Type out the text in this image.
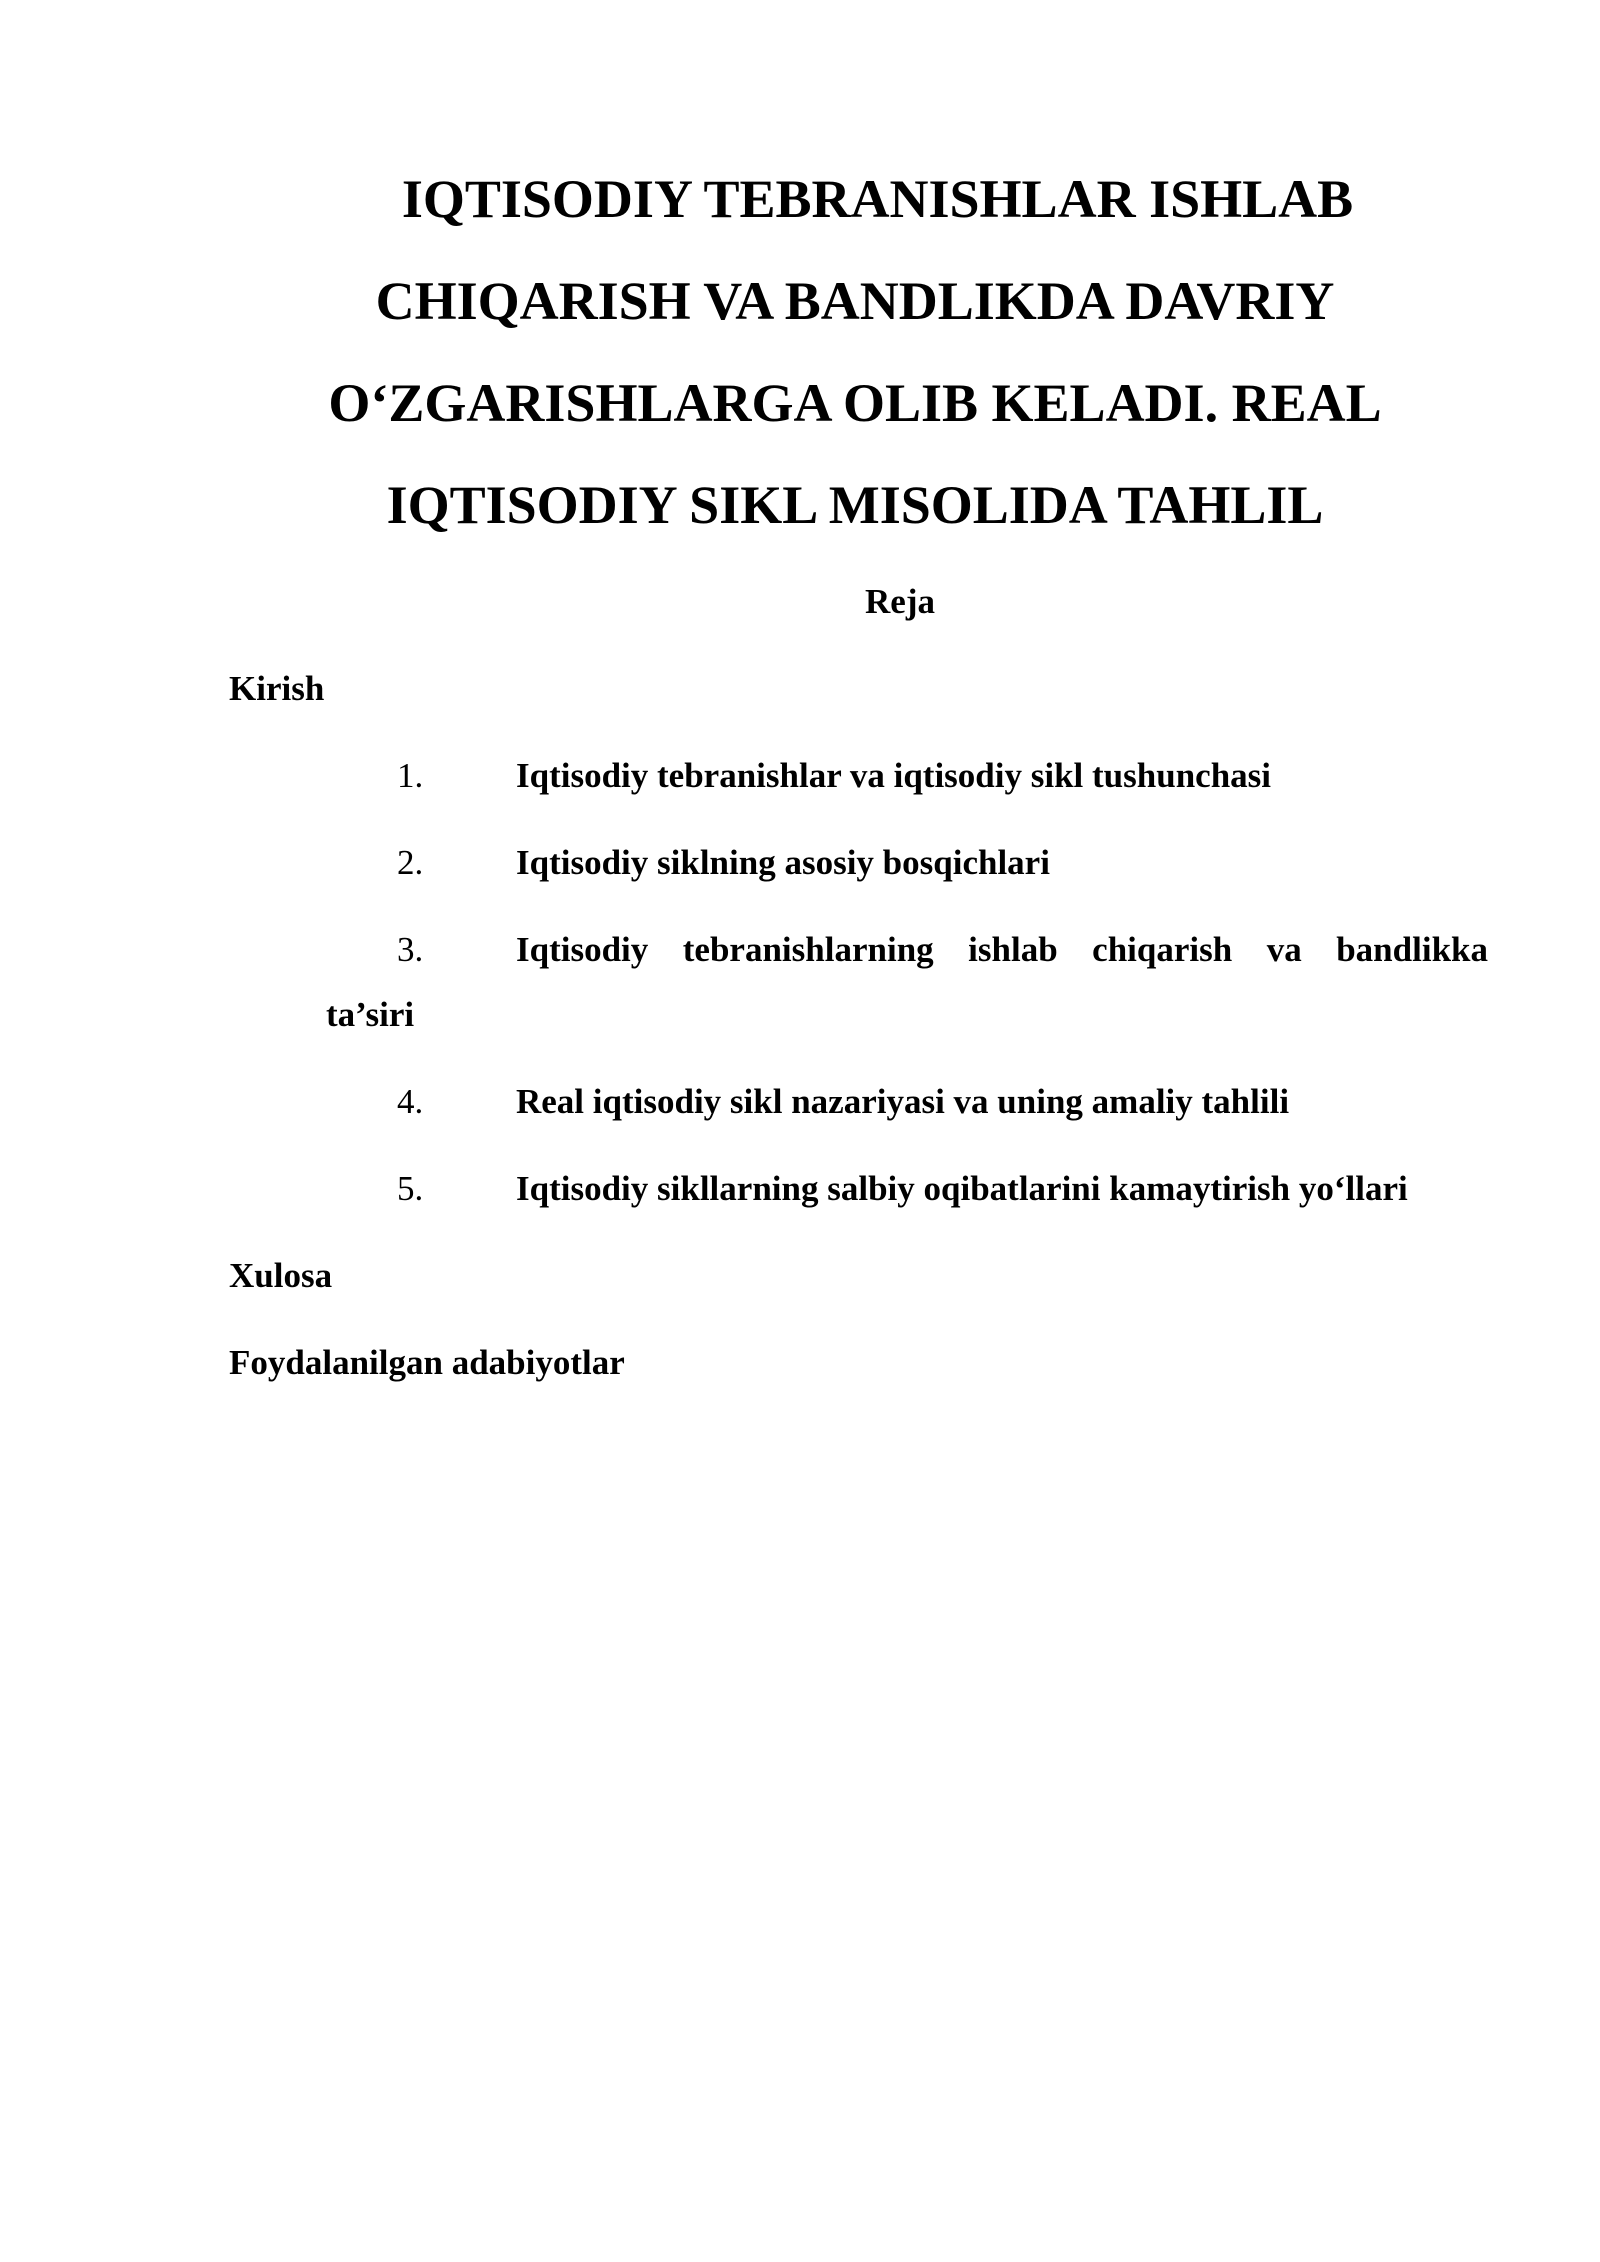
IQTISODIY TEBRANISHLAR ISHLAB
CHIQARISH VA BANDLIKDA DAVRIY
O‘ZGARISHLARGA OLIB KELADI. REAL
IQTISODIY SIKL MISOLIDA TAHLIL

Reja

Kirish

1.	Iqtisodiy tebranishlar va iqtisodiy sikl tushunchasi
2.	Iqtisodiy siklning asosiy bosqichlari
3.	Iqtisodiy tebranishlarning ishlab chiqarish va bandlikka
ta’siri
4.	Real iqtisodiy sikl nazariyasi va uning amaliy tahlili
5.	Iqtisodiy sikllarning salbiy oqibatlarini kamaytirish yo‘llari

Xulosa

Foydalanilgan adabiyotlar
